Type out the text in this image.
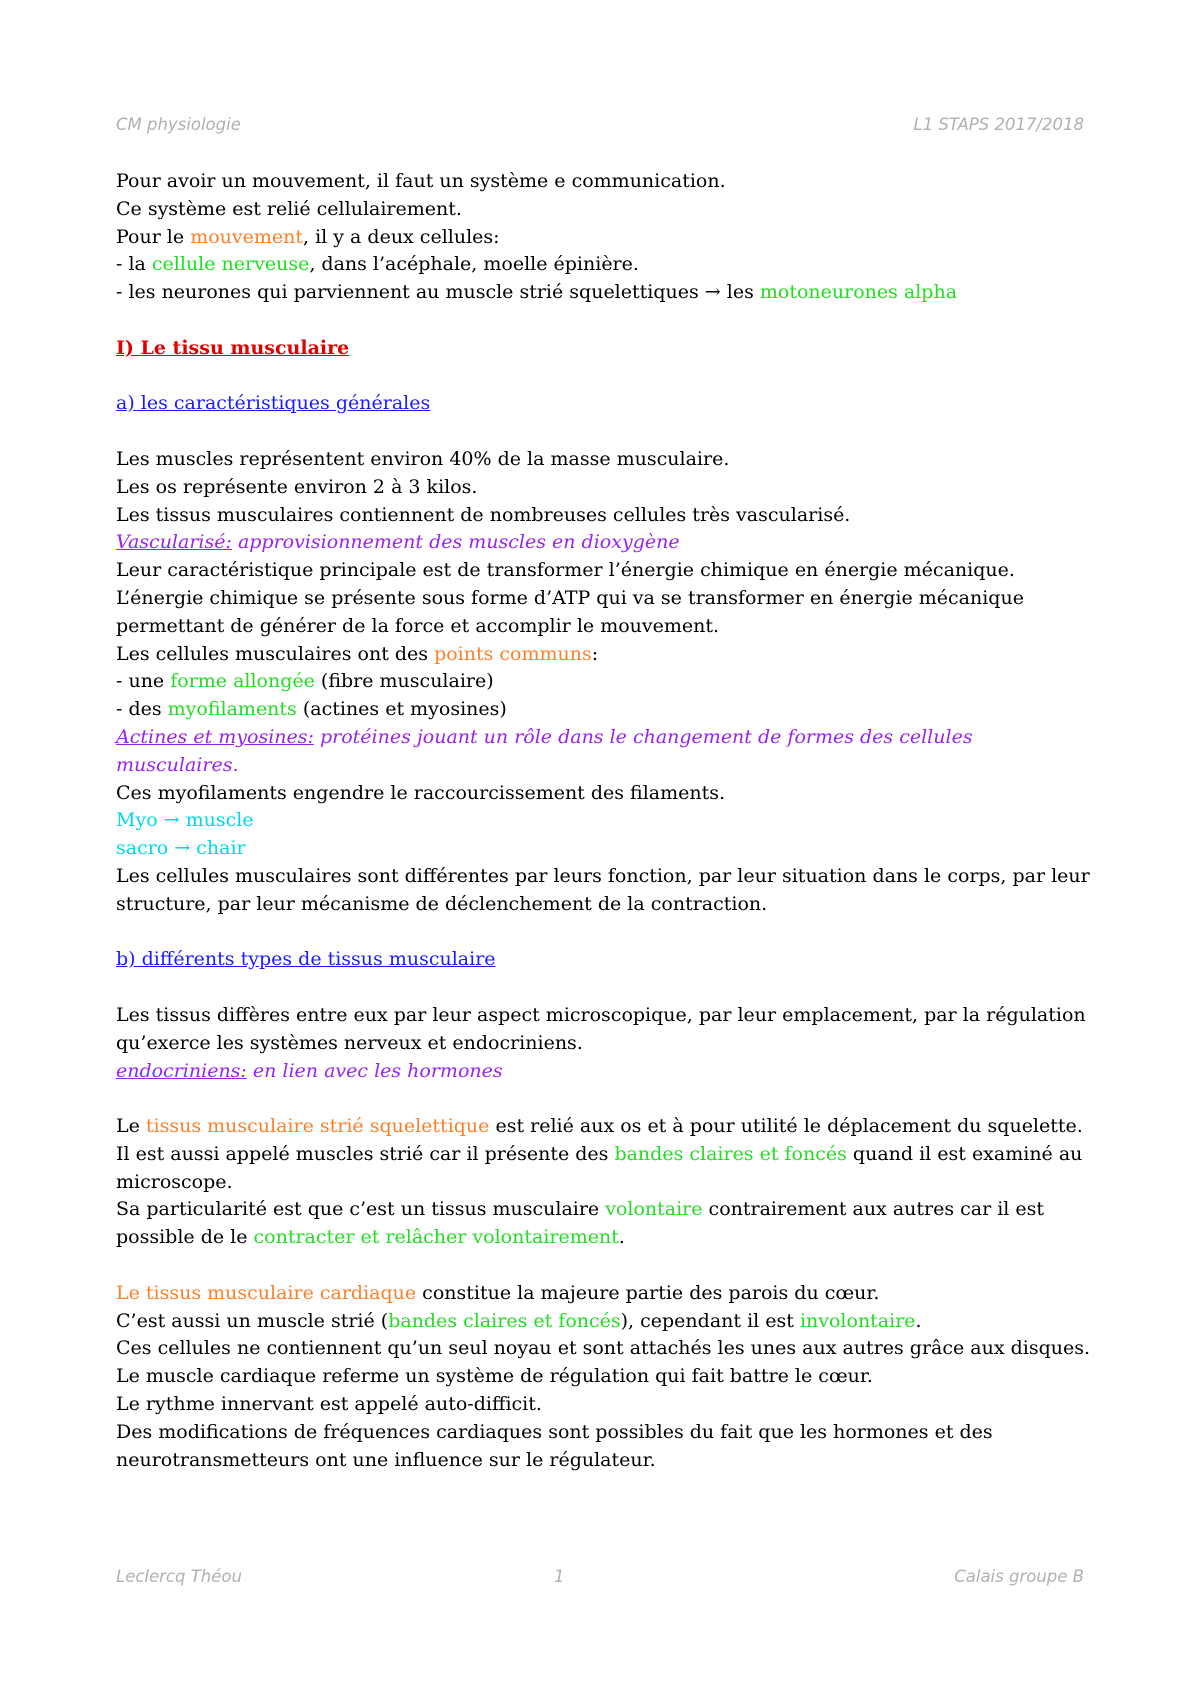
CM physiologie	L1 STAPS 2017/2018

Pour avoir un mouvement, il faut un système e communication.

Ce système est relié cellulairement.

Pour le mouvement, il y a deux cellules:

- la cellule nerveuse, dans l’acéphale, moelle épinière.

- les neurones qui parviennent au muscle strié squelettiques → les motoneurones alpha

I) Le tissu musculaire

a) les caractéristiques générales

Les muscles représentent environ 40% de la masse musculaire.

Les os représente environ 2 à 3 kilos.

Les tissus musculaires contiennent de nombreuses cellules très vascularisé.

Vascularisé: approvisionnement des muscles en dioxygène

Leur caractéristique principale est de transformer l’énergie chimique en énergie mécanique.

L’énergie chimique se présente sous forme d’ATP qui va se transformer en énergie mécanique

permettant de générer de la force et accomplir le mouvement.

Les cellules musculaires ont des points communs:

- une forme allongée (fibre musculaire)

- des myofilaments (actines et myosines)

Actines et myosines: protéines jouant un rôle dans le changement de formes des cellules

musculaires.

Ces myofilaments engendre le raccourcissement des filaments.

Myo → muscle

sacro → chair

Les cellules musculaires sont différentes par leurs fonction, par leur situation dans le corps, par leur

structure, par leur mécanisme de déclenchement de la contraction.

b) différents types de tissus musculaire

Les tissus diffères entre eux par leur aspect microscopique, par leur emplacement, par la régulation

qu’exerce les systèmes nerveux et endocriniens.

endocriniens: en lien avec les hormones

Le tissus musculaire strié squelettique est relié aux os et à pour utilité le déplacement du squelette.

Il est aussi appelé muscles strié car il présente des bandes claires et foncés quand il est examiné au

microscope.

Sa particularité est que c’est un tissus musculaire volontaire contrairement aux autres car il est

possible de le contracter et relâcher volontairement.

Le tissus musculaire cardiaque constitue la majeure partie des parois du cœur.

C’est aussi un muscle strié (bandes claires et foncés), cependant il est involontaire.

Ces cellules ne contiennent qu’un seul noyau et sont attachés les unes aux autres grâce aux disques.

Le muscle cardiaque referme un système de régulation qui fait battre le cœur.

Le rythme innervant est appelé auto-difficit.

Des modifications de fréquences cardiaques sont possibles du fait que les hormones et des

neurotransmetteurs ont une influence sur le régulateur.

Leclercq Théou	1	Calais groupe B
